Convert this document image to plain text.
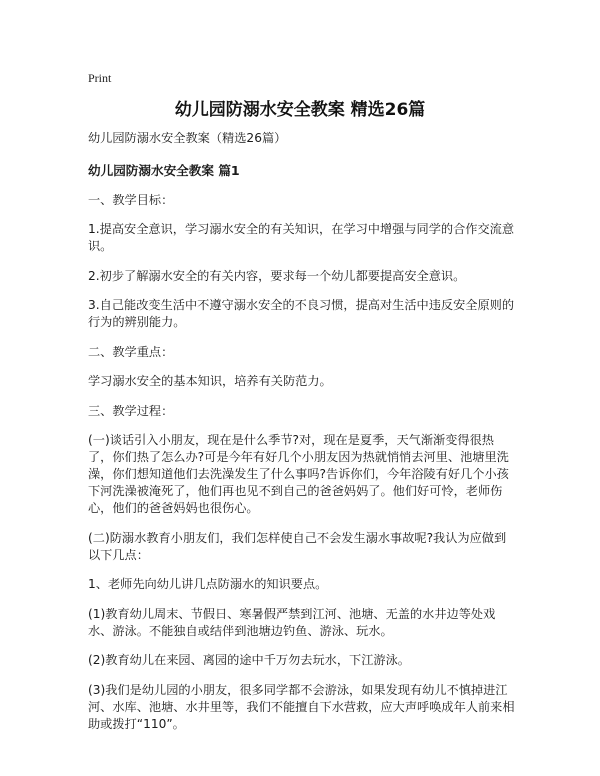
Print
幼儿园防溺水安全教案 精选26篇
幼儿园防溺水安全教案（精选26篇）
幼儿园防溺水安全教案 篇1
一、教学目标：
1.提高安全意识，学习溺水安全的有关知识，在学习中增强与同学的合作交流意识。
2.初步了解溺水安全的有关内容，要求每一个幼儿都要提高安全意识。
3.自己能改变生活中不遵守溺水安全的不良习惯，提高对生活中违反安全原则的行为的辨别能力。
二、教学重点：
学习溺水安全的基本知识，培养有关防范力。
三、教学过程：
(一)谈话引入小朋友，现在是什么季节?对，现在是夏季，天气渐渐变得很热了，你们热了怎么办?可是今年有好几个小朋友因为热就悄悄去河里、池塘里洗澡，你们想知道他们去洗澡发生了什么事吗?告诉你们，今年浴陵有好几个小孩下河洗澡被淹死了，他们再也见不到自己的爸爸妈妈了。他们好可怜，老师伤心，他们的爸爸妈妈也很伤心。
(二)防溺水教育小朋友们，我们怎样使自己不会发生溺水事故呢?我认为应做到以下几点：
1、老师先向幼儿讲几点防溺水的知识要点。
(1)教育幼儿周末、节假日、寒暑假严禁到江河、池塘、无盖的水井边等处戏水、游泳。不能独自或结伴到池塘边钓鱼、游泳、玩水。
(2)教育幼儿在来园、离园的途中千万勿去玩水，下江游泳。
(3)我们是幼儿园的小朋友，很多同学都不会游泳，如果发现有幼儿不慎掉进江河、水库、池塘、水井里等，我们不能擅自下水营救，应大声呼唤成年人前来相助或拨打“110”。
